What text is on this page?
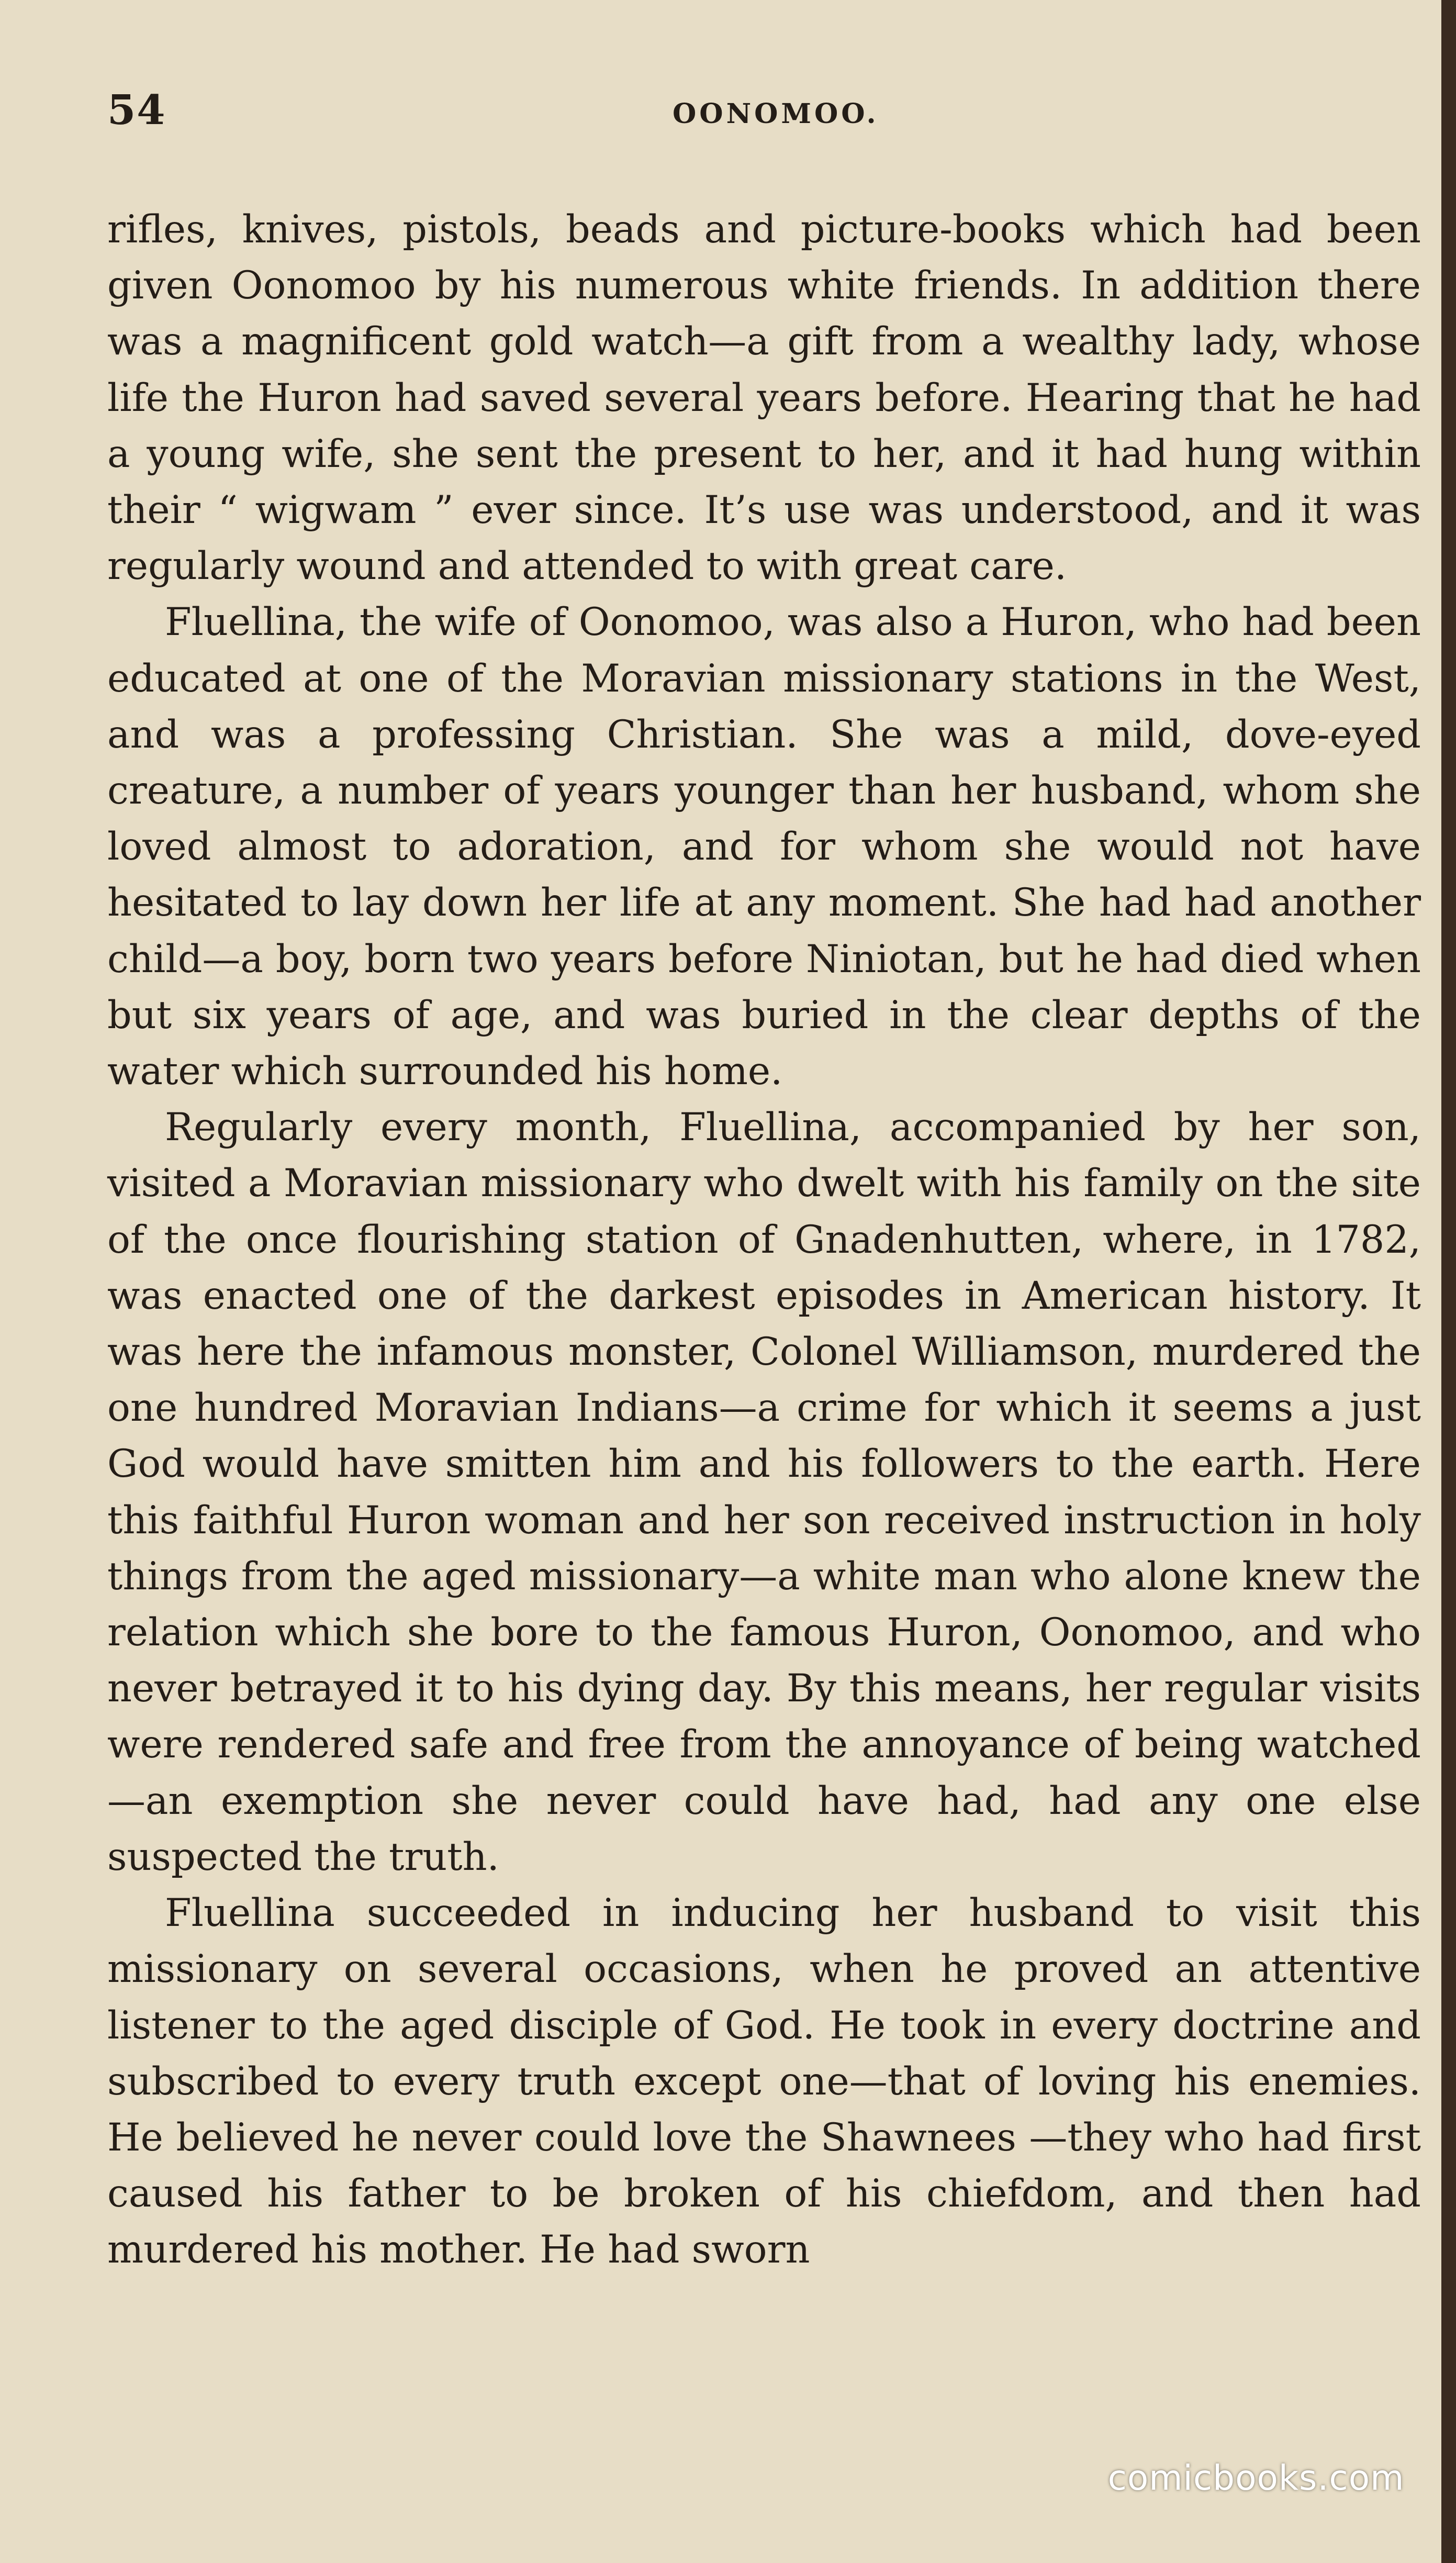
54	OONOMOO.

rifles, knives, pistols, beads and picture-books which had been given Oonomoo by his numerous white friends. In addition there was a magnificent gold watch—a gift from a wealthy lady, whose life the Huron had saved several years before. Hearing that he had a young wife, she sent the present to her, and it had hung within their “ wigwam ” ever since. It’s use was understood, and it was regularly wound and attended to with great care.

Fluellina, the wife of Oonomoo, was also a Huron, who had been educated at one of the Moravian missionary stations in the West, and was a professing Christian. She was a mild, dove-eyed creature, a number of years younger than her husband, whom she loved almost to adoration, and for whom she would not have hesitated to lay down her life at any moment. She had had another child—a boy, born two years before Niniotan, but he had died when but six years of age, and was buried in the clear depths of the water which surrounded his home.

Regularly every month, Fluellina, accompanied by her son, visited a Moravian missionary who dwelt with his family on the site of the once flourishing station of Gnadenhutten, where, in 1782, was enacted one of the darkest episodes in American history. It was here the infamous monster, Colonel Williamson, murdered the one hundred Moravian Indians—a crime for which it seems a just God would have smitten him and his followers to the earth. Here this faithful Huron woman and her son received instruction in holy things from the aged missionary—a white man who alone knew the relation which she bore to the famous Huron, Oonomoo, and who never betrayed it to his dying day. By this means, her regular visits were rendered safe and free from the annoyance of being watched—an exemption she never could have had, had any one else suspected the truth.

Fluellina succeeded in inducing her husband to visit this missionary on several occasions, when he proved an attentive listener to the aged disciple of God. He took in every doctrine and subscribed to every truth except one—that of loving his enemies. He believed he never could love the Shawnees —they who had first caused his father to be broken of his chiefdom, and then had murdered his mother. He had sworn

comicbooks.com
